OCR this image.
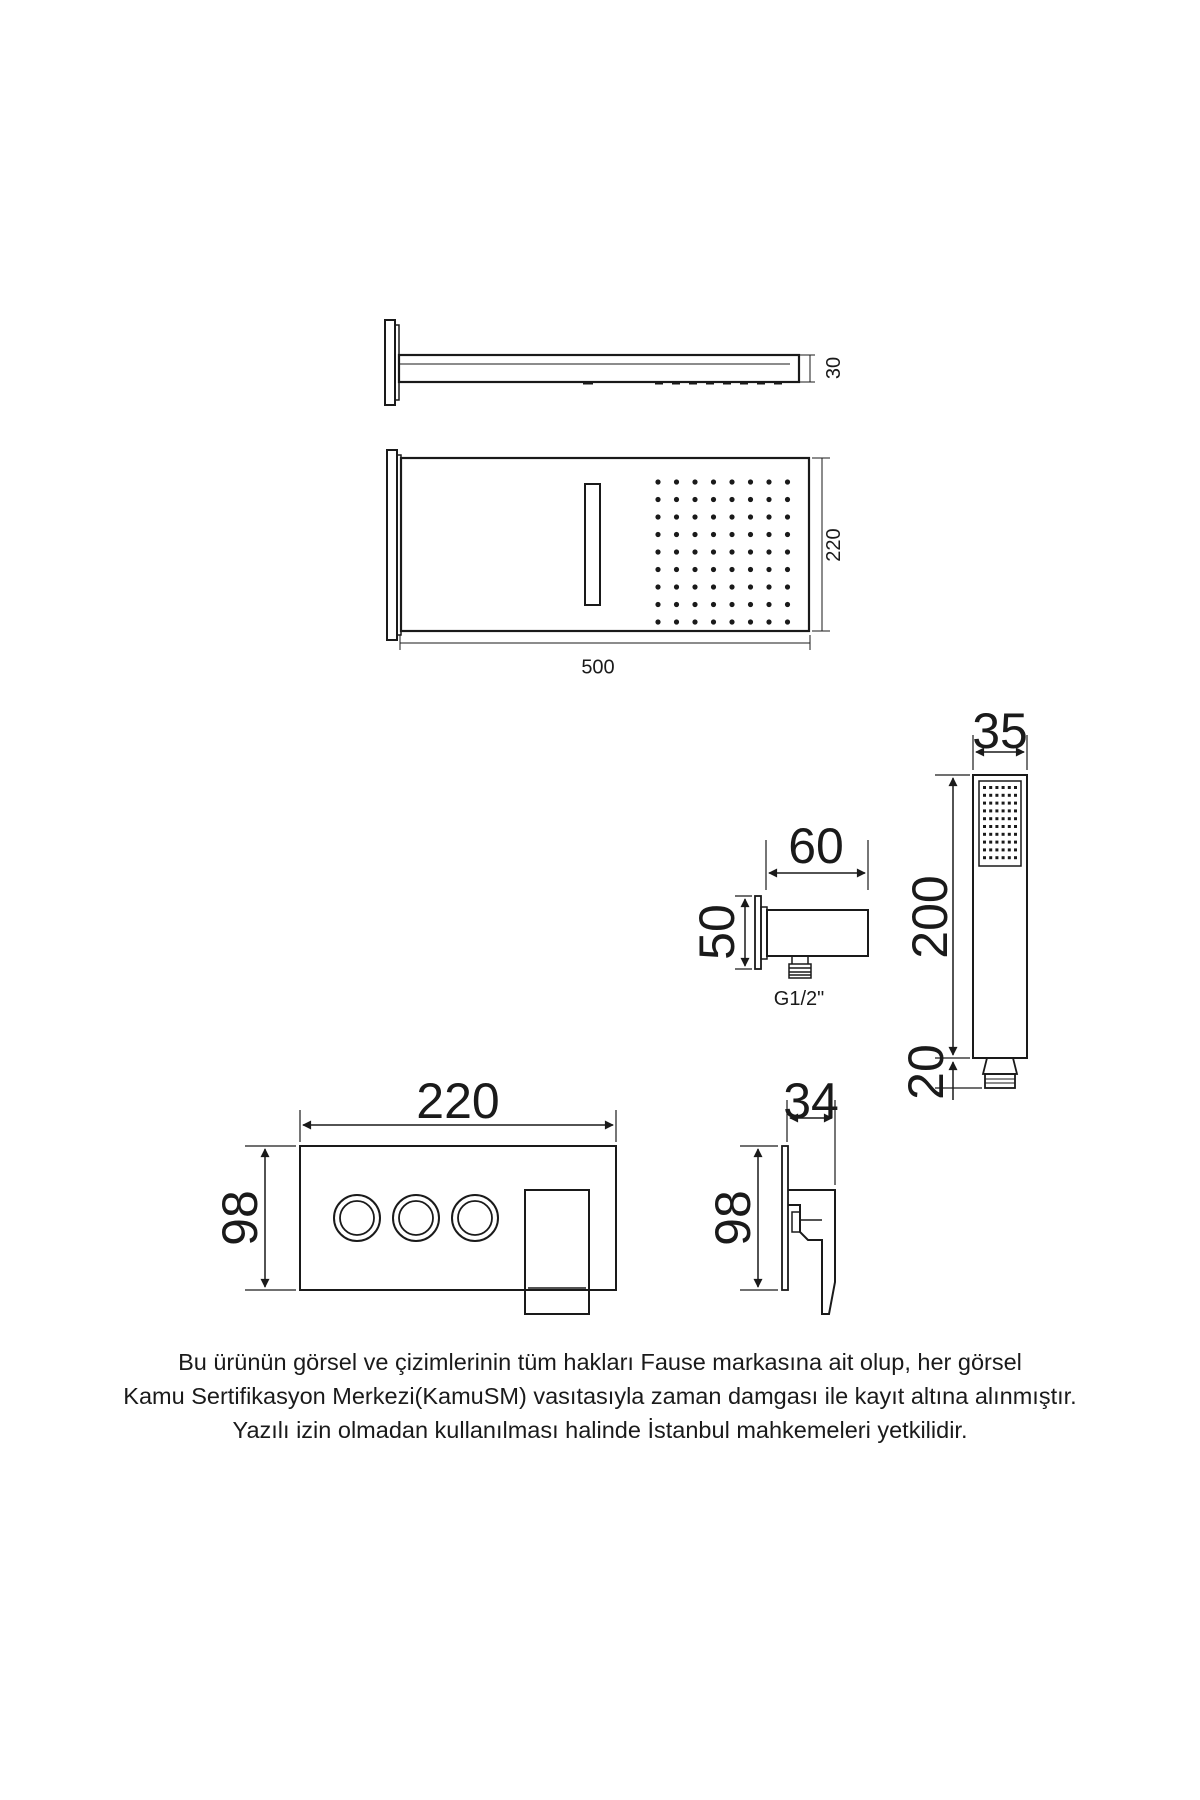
30
220
500
60
50
G1/2"
35
200
20
220
98
34
98

Bu ürünün görsel ve çizimlerinin tüm hakları Fause markasına ait olup, her görsel

Kamu Sertifikasyon Merkezi(KamuSM) vasıtasıyla zaman damgası ile kayıt altına alınmıştır.

Yazılı izin olmadan kullanılması halinde İstanbul mahkemeleri yetkilidir.
